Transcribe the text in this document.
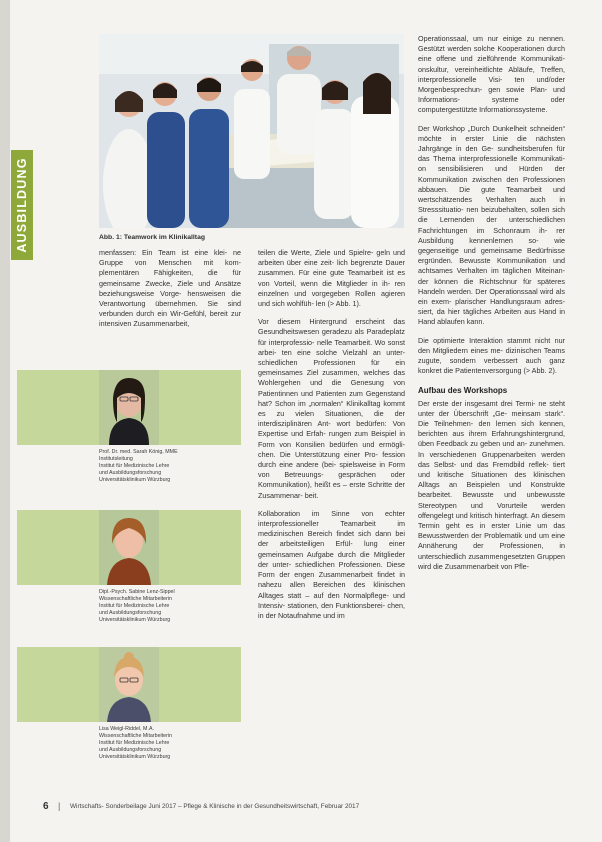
AUSBILDUNG	Abb. 1: Teamwork im Klinikalltag

menfassen: Ein Team ist eine klei- ne Gruppe von Menschen mit kom- plementären Fähigkeiten, die für gemeinsame Zwecke, Ziele und Ansätze beziehungsweise Vorge- hensweisen die Verantwortung übernehmen. Sie sind verbunden durch ein Wir-Gefühl, bereit zur intensiven Zusammenarbeit,

Prof. Dr. med. Sarah König, MME
Institutsleitung
Institut für Medizinische Lehre
und Ausbildungsforschung
Universitätsklinikum Würzburg
Dipl.-Psych. Sabine Lenz-Sippel
Wissenschaftliche Mitarbeiterin
Institut für Medizinische Lehre
und Ausbildungsforschung
Universitätsklinikum Würzburg
Lisa Weigl-Riddel, M.A.
Wissenschaftliche Mitarbeiterin
Institut für Medizinische Lehre
und Ausbildungsforschung
Universitätsklinikum Würzburg

teilen die Werte, Ziele und Spielre- geln und arbeiten über eine zeit- lich begrenzte Dauer zusammen. Für eine gute Teamarbeit ist es von Vorteil, wenn die Mitglieder in ih- ren einzelnen und vorgegeben Rollen agieren und sich wohlfüh- len (> Abb. 1).

Vor diesem Hintergrund erscheint das Gesundheitswesen geradezu als Paradeplatz für interprofessio- nelle Teamarbeit. Wo sonst arbei- ten eine solche Vielzahl an unter- schiedlichen Professionen für ein gemeinsames Ziel zusammen, welches das Wohlergehen und die Genesung von Patientinnen und Patienten zum Gegenstand hat? Schon im „normalen“ Klinikalltag kommt es zu vielen Situationen, die der interdisziplinären Ant- wort bedürfen: Von Expertise und Erfah- rungen zum Beispiel in Form von Konsilien bedürfen und ermögli- chen. Die Unterstützung einer Pro- fession durch eine andere (bei- spielsweise in Form von Betreuungs- gesprächen oder Kommunikation), heißt es – erste Schritte der Zusammenar- beit.

Kollaboration im Sinne von echter interprofessioneller Teamarbeit im medizinischen Bereich findet sich dann bei der arbeitsteiligen Erfül- lung einer gemeinsamen Aufgabe durch die Mitglieder der unter- schiedlichen Professionen. Diese Form der engen Zusammenarbeit findet in nahezu allen Bereichen des klinischen Alltages statt – auf den Normalpflege- und Intensiv- stationen, den Funktionsberei- chen, in der Notaufnahme und im

Operationssaal, um nur einige zu nennen. Gestützt werden solche Kooperationen durch eine offene und zielführende Kommunikati- onskultur, vereinheitlichte Abläufe, Treffen, interprofessionelle Visi- ten und/oder Morgenbesprechun- gen sowie Plan- und Informations- systeme oder computergestützte Informationssysteme.

Der Workshop „Durch Dunkelheit schneiden“ möchte in erster Linie die nächsten Jahrgänge in den Ge- sundheitsberufen für das Thema interprofessionelle Kommunikati- on sensibilisieren und Hürden der Kommunikation zwischen den Professionen abbauen. Die gute Teamarbeit und wertschätzendes Verhalten auch in Stresssituatio- nen beizubehalten, sollen sich die Lernenden der unterschiedlichen Fachrichtungen im Schonraum ih- rer Ausbildung kennenlernen so- wie gegenseitige und gemeinsame Bedürfnisse ergründen. Bewusste Kommunikation und achtsames Verhalten im täglichen Miteinan- der können die Richtschnur für späteres Handeln werden. Der Operationssaal wird als ein exem- plarischer Handlungsraum adres- siert, da hier tägliches Arbeiten aus Hand in Hand ablaufen kann.

Die optimierte Interaktion stammt nicht nur den Mitgliedern eines me- dizinischen Teams zugute, sondern verbessert auch ganz konkret die Patientenversorgung (> Abb. 2).

Aufbau des Workshops

Der erste der insgesamt drei Termi- ne steht unter der Überschrift „Ge- meinsam stark“. Die Teilnehmen- den lernen sich kennen, berichten aus ihrem Erfahrungshintergrund, üben Feedback zu geben und an- zunehmen. In verschiedenen Gruppenarbeiten werden das Selbst- und das Fremdbild reflek- tiert und kritische Situationen des klinischen Alltags an Beispielen und Konstrukte bearbeitet. Bewusste und unbewusste Stereotypen und Vorurteile werden offengelegt und kritisch hinterfragt. An diesem Termin geht es in erster Linie um das Bewusstwerden der Problematik und um eine Annäherung der Professionen, in unterschiedlich zusammengesetzten Gruppen wird die Zusammenarbeit von Pfle-

6 | Wirtschafts- Sonderbeilage Juni 2017 – Pflege & Klinische in der Gesundheitswirtschaft, Februar 2017
